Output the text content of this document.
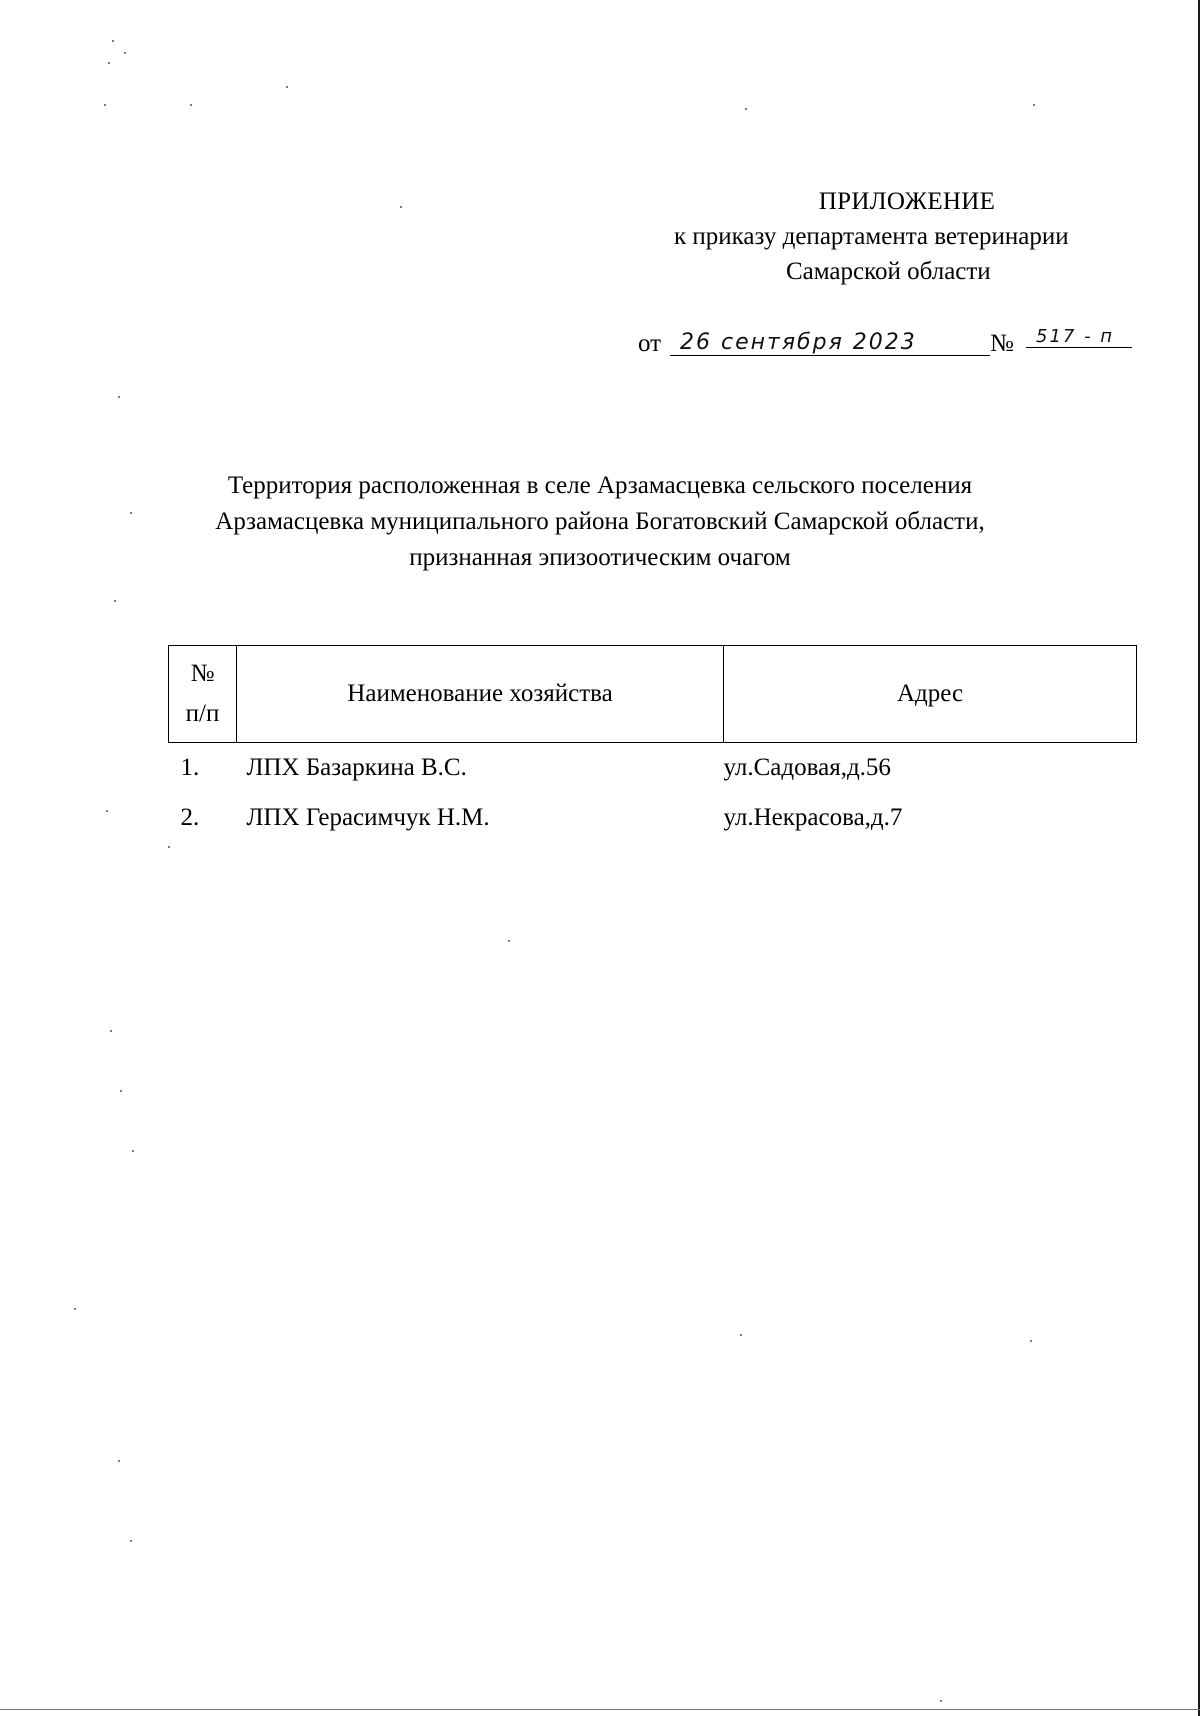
ПРИЛОЖЕНИЕ
к приказу департамента ветеринарии
Самарской области
от 26 сентября 2023	№	517 - п
Территория расположенная в селе Арзамасцевка сельского поселения
Арзамасцевка муниципального района Богатовский Самарской области,
признанная эпизоотическим очагом
№
п/п	Наименование хозяйства	Адрес
1.	ЛПХ Базаркина В.С.	ул.Садовая,д.56
2.	ЛПХ Герасимчук Н.М.	ул.Некрасова,д.7
